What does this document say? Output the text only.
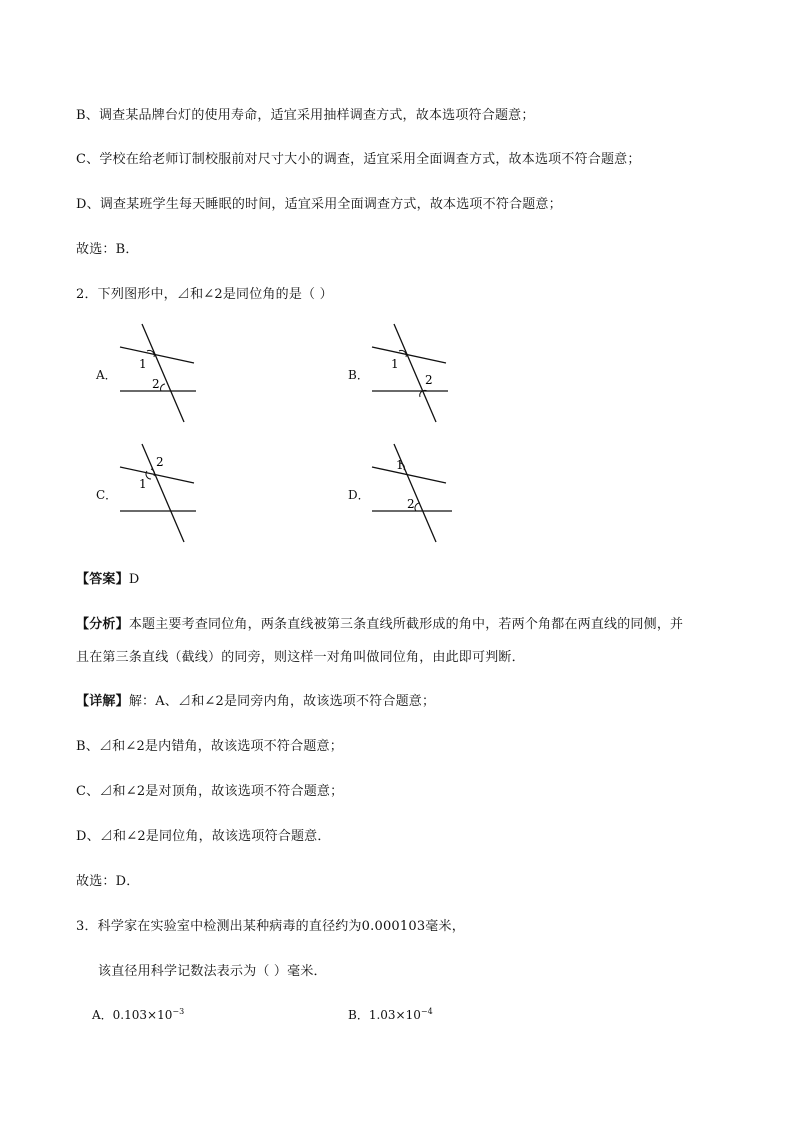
B、调查某品牌台灯的使用寿命，适宜采用抽样调查方式，故本选项符合题意；
C、学校在给老师订制校服前对尺寸大小的调查，适宜采用全面调查方式，故本选项不符合题意；
D、调查某班学生每天睡眠的时间，适宜采用全面调查方式，故本选项不符合题意；
故选：B．
2．下列图形中，⊿和∠2是同位角的是（ ）
A．
1
2
B．
1
2
C．
1
2
D．
1
2
【答案】D
【分析】本题主要考查同位角，两条直线被第三条直线所截形成的角中，若两个角都在两直线的同侧，并
且在第三条直线（截线）的同旁，则这样一对角叫做同位角，由此即可判断．
【详解】解：A、⊿和∠2是同旁内角，故该选项不符合题意；
B、⊿和∠2是内错角，故该选项不符合题意；
C、⊿和∠2是对顶角，故该选项不符合题意；
D、⊿和∠2是同位角，故该选项符合题意．
故选：D．
3．科学家在实验室中检测出某种病毒的直径约为0.000103毫米，
该直径用科学记数法表示为（ ）毫米．
A．$0.103\times 10^{-3}$	B．$1.03\times 10^{-4}$
